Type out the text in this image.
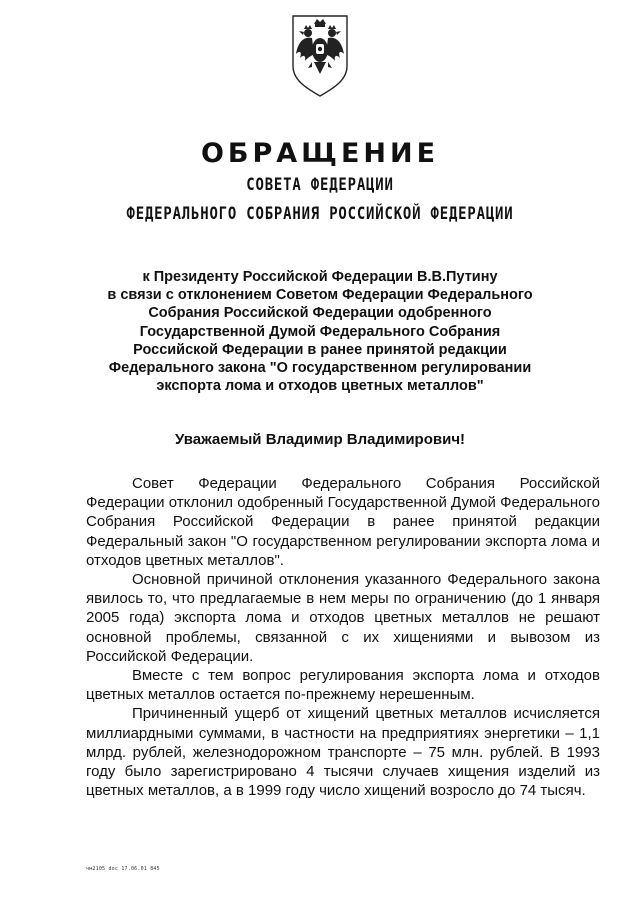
ОБРАЩЕНИЕ
СОВЕТА ФЕДЕРАЦИИ
ФЕДЕРАЛЬНОГО СОБРАНИЯ РОССИЙСКОЙ ФЕДЕРАЦИИ
к Президенту Российской Федерации В.В.Путину
в связи с отклонением Советом Федерации Федерального
Собрания Российской Федерации одобренного
Государственной Думой Федерального Собрания
Российской Федерации в ранее принятой редакции
Федерального закона "О государственном регулировании
экспорта лома и отходов цветных металлов"
Уважаемый Владимир Владимирович!

Совет Федерации Федерального Собрания Российской Федерации отклонил одобренный Государственной Думой Федерального Собрания Российской Федерации в ранее принятой редакции Федеральный закон "О государственном регулировании экспорта лома и отходов цветных металлов".

Основной причиной отклонения указанного Федерального закона явилось то, что предлагаемые в нем меры по ограничению (до 1 января 2005 года) экспорта лома и отходов цветных металлов не решают основной проблемы, связанной с их хищениями и вывозом из Российской Федерации.

Вместе с тем вопрос регулирования экспорта лома и отходов цветных металлов остается по-прежнему нерешенным.

Причиненный ущерб от хищений цветных металлов исчисляется миллиардными суммами, в частности на предприятиях энергетики – 1,1 млрд. рублей, железнодорожном транспорте – 75 млн. рублей. В 1993 году было зарегистрировано 4 тысячи случаев хищения изделий из цветных металлов, а в 1999 году число хищений возросло до 74 тысяч.

чм2105 doc 17.06.01 845
